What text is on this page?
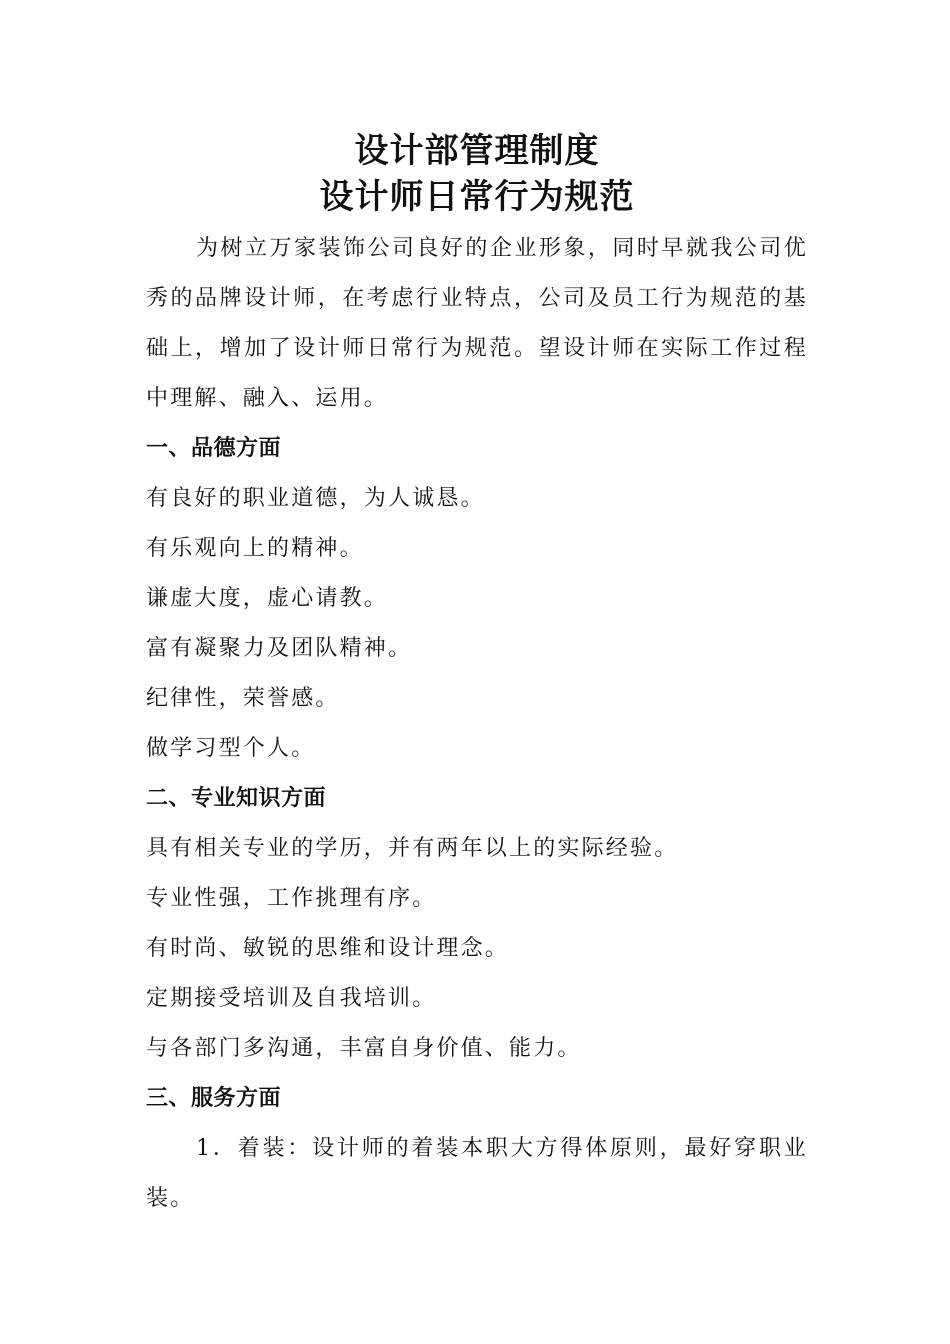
设计部管理制度
设计师日常行为规范

为树立万家装饰公司良好的企业形象，同时早就我公司优秀的品牌设计师，在考虑行业特点，公司及员工行为规范的基础上，增加了设计师日常行为规范。望设计师在实际工作过程中理解、融入、运用。

一、品德方面

有良好的职业道德，为人诚恳。

有乐观向上的精神。

谦虚大度，虚心请教。

富有凝聚力及团队精神。

纪律性，荣誉感。

做学习型个人。

二、专业知识方面

具有相关专业的学历，并有两年以上的实际经验。

专业性强，工作挑理有序。

有时尚、敏锐的思维和设计理念。

定期接受培训及自我培训。

与各部门多沟通，丰富自身价值、能力。

三、服务方面

1．着装：设计师的着装本职大方得体原则，最好穿职业装。
